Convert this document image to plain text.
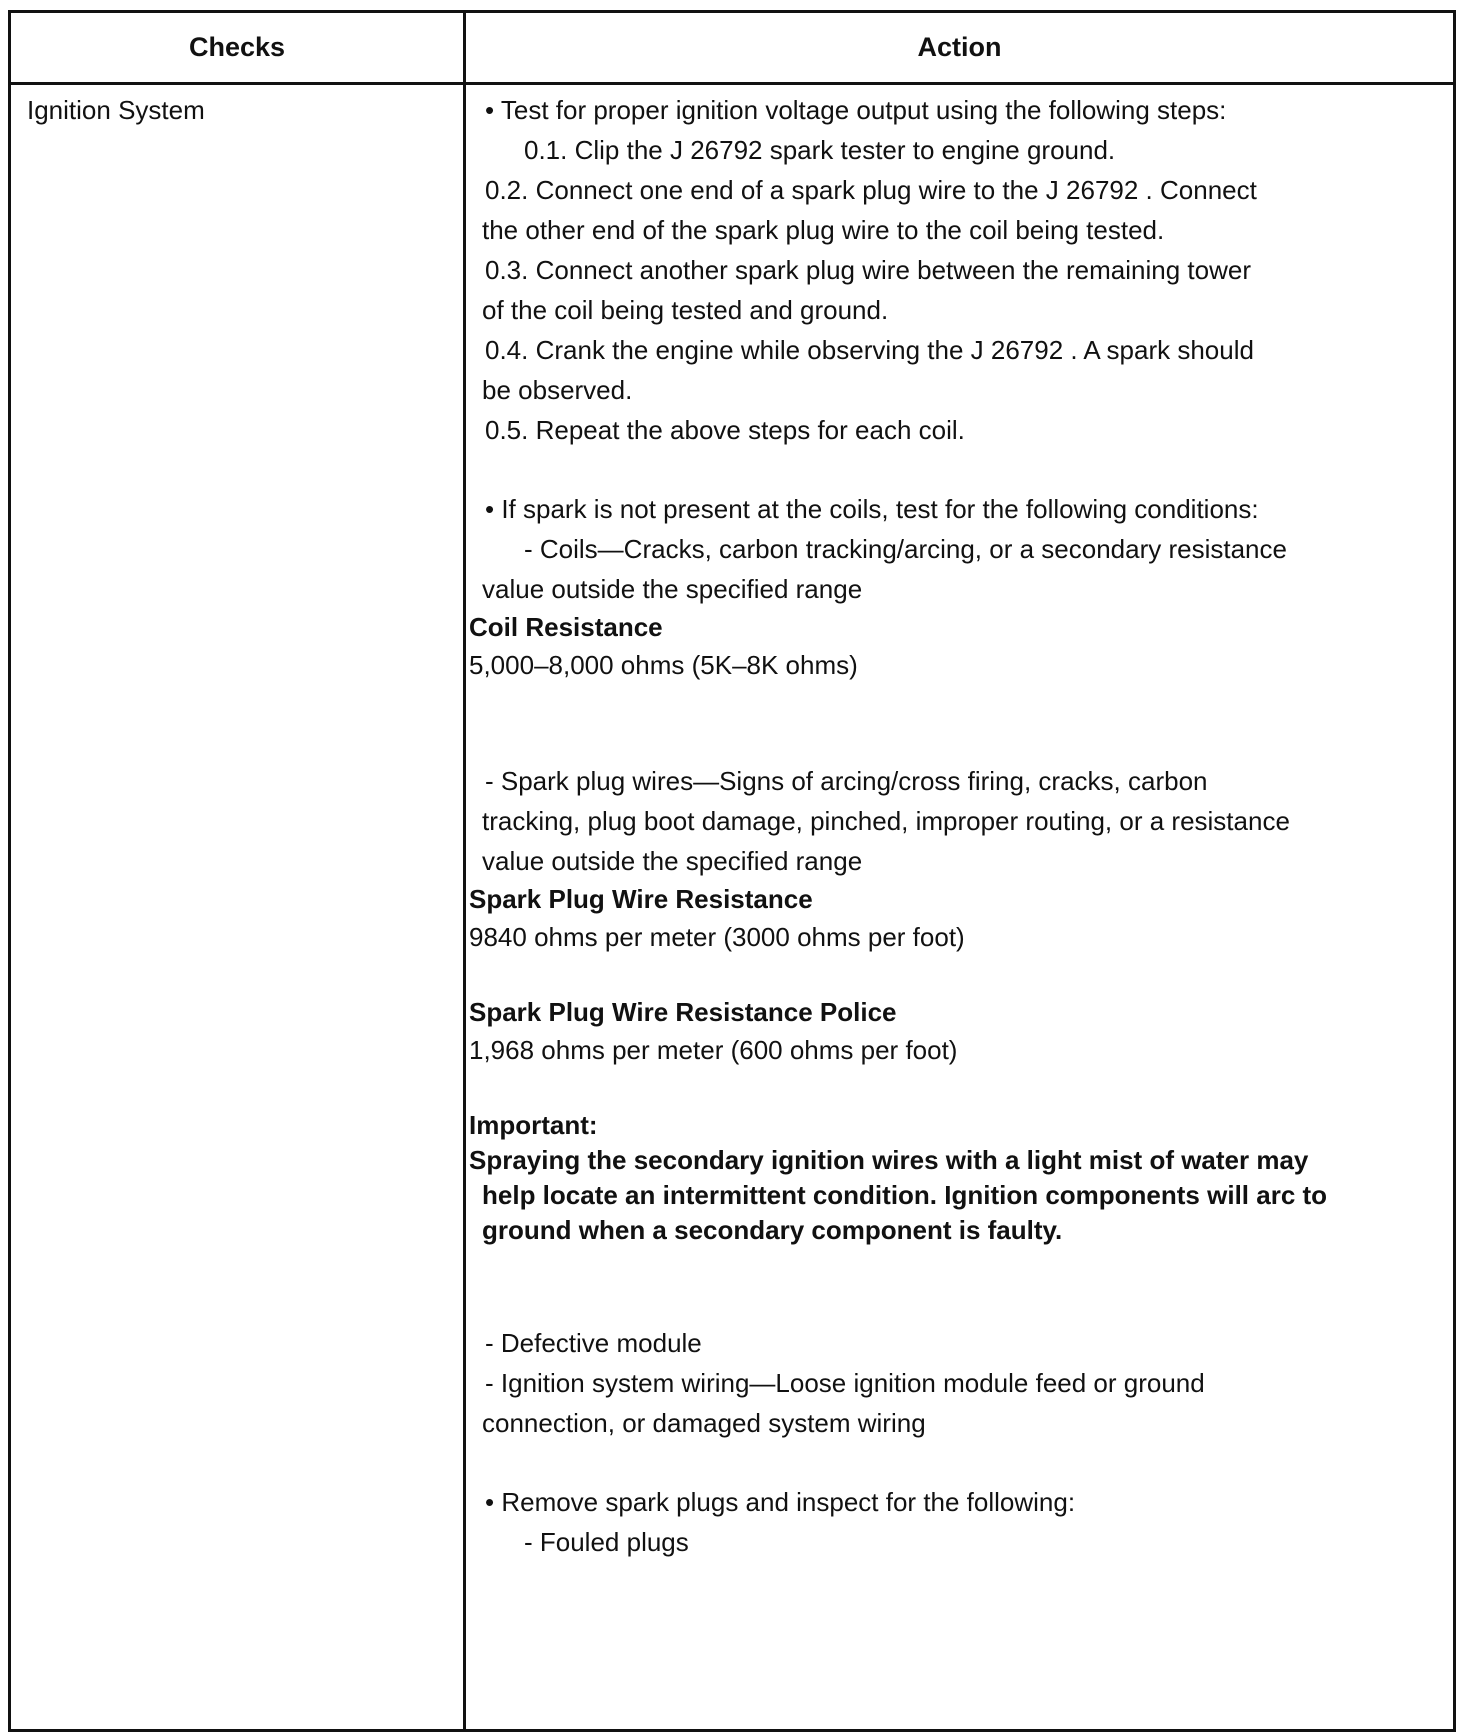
Checks	Action
Ignition System	• Test for proper ignition voltage output using the following steps:
0.1. Clip the J 26792 spark tester to engine ground.
0.2. Connect one end of a spark plug wire to the J 26792 . Connect
the other end of the spark plug wire to the coil being tested.
0.3. Connect another spark plug wire between the remaining tower
of the coil being tested and ground.
0.4. Crank the engine while observing the J 26792 . A spark should
be observed.
0.5. Repeat the above steps for each coil.
• If spark is not present at the coils, test for the following conditions:
- Coils—Cracks, carbon tracking/arcing, or a secondary resistance
value outside the specified range
Coil Resistance
5,000–8,000 ohms (5K–8K ohms)
- Spark plug wires—Signs of arcing/cross firing, cracks, carbon
tracking, plug boot damage, pinched, improper routing, or a resistance
value outside the specified range
Spark Plug Wire Resistance
9840 ohms per meter (3000 ohms per foot)
Spark Plug Wire Resistance Police
1,968 ohms per meter (600 ohms per foot)
Important:
Spraying the secondary ignition wires with a light mist of water may
help locate an intermittent condition. Ignition components will arc to
ground when a secondary component is faulty.
- Defective module
- Ignition system wiring—Loose ignition module feed or ground
connection, or damaged system wiring
• Remove spark plugs and inspect for the following:
- Fouled plugs
